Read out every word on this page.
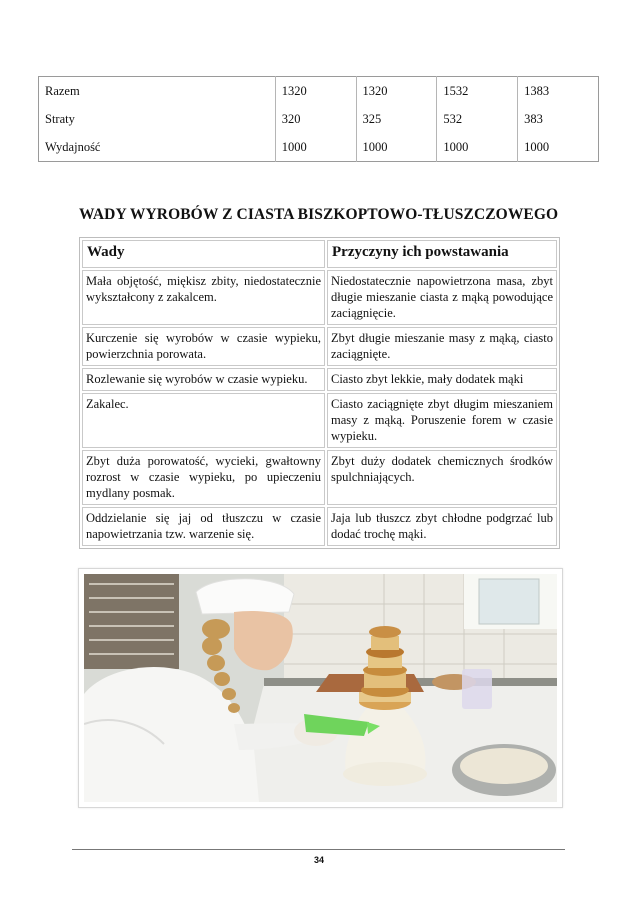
Razem	1320	1320	1532	1383
Straty	320	325	532	383
Wydajność	1000	1000	1000	1000
WADY WYROBÓW Z CIASTA BISZKOPTOWO-TŁUSZCZOWEGO
Wady	Przyczyny ich powstawania
Mała objętość, miękisz zbity, niedostatecznie wykształcony z zakalcem.	Niedostatecznie napowietrzona masa, zbyt długie mieszanie ciasta z mąką powodujące zaciągnięcie.
Kurczenie się wyrobów w czasie wypieku, powierzchnia porowata.	Zbyt długie mieszanie masy z mąką, ciasto zaciągnięte.
Rozlewanie się wyrobów w czasie wypieku.	Ciasto zbyt lekkie, mały dodatek mąki
Zakalec.	Ciasto zaciągnięte zbyt długim mieszaniem masy z mąką. Poruszenie forem w czasie wypieku.
Zbyt duża porowatość, wycieki, gwałtowny rozrost w czasie wypieku, po upieczeniu mydlany posmak.	Zbyt duży dodatek chemicznych środków spulchniających.
Oddzielanie się jaj od tłuszczu w czasie napowietrzania tzw. warzenie się.	Jaja lub tłuszcz zbyt chłodne podgrzać lub dodać trochę mąki.
34
